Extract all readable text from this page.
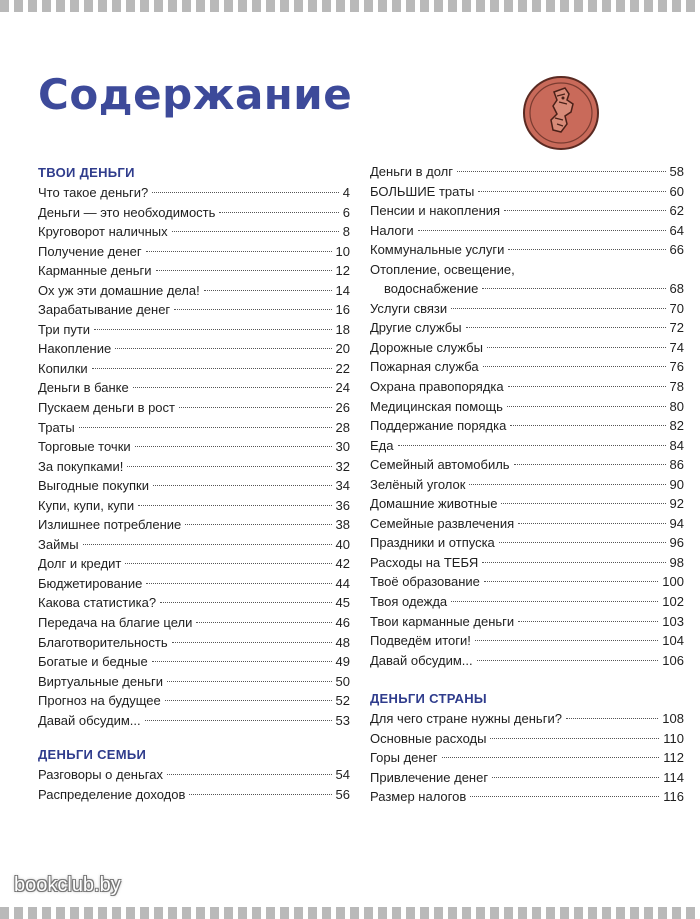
Содержание
ТВОИ ДЕНЬГИ
Что такое деньги?	4
Деньги — это необходимость	6
Круговорот наличных	8
Получение денег	10
Карманные деньги	12
Ох уж эти домашние дела!	14
Зарабатывание денег	16
Три пути	18
Накопление	20
Копилки	22
Деньги в банке	24
Пускаем деньги в рост	26
Траты	28
Торговые точки	30
За покупками!	32
Выгодные покупки	34
Купи, купи, купи	36
Излишнее потребление	38
Займы	40
Долг и кредит	42
Бюджетирование	44
Какова статистика?	45
Передача на благие цели	46
Благотворительность	48
Богатые и бедные	49
Виртуальные деньги	50
Прогноз на будущее	52
Давай обсудим...	53
ДЕНЬГИ СЕМЬИ
Разговоры о деньгах	54
Распределение доходов	56
Деньги в долг	58
БОЛЬШИЕ траты	60
Пенсии и накопления	62
Налоги	64
Коммунальные услуги	66
Отопление, освещение,
водоснабжение	68
Услуги связи	70
Другие службы	72
Дорожные службы	74
Пожарная служба	76
Охрана правопорядка	78
Медицинская помощь	80
Поддержание порядка	82
Еда	84
Семейный автомобиль	86
Зелёный уголок	90
Домашние животные	92
Семейные развлечения	94
Праздники и отпуска	96
Расходы на ТЕБЯ	98
Твоё образование	100
Твоя одежда	102
Твои карманные деньги	103
Подведём итоги!	104
Давай обсудим...	106
ДЕНЬГИ СТРАНЫ
Для чего стране нужны деньги?	108
Основные расходы	110
Горы денег	112
Привлечение денег	114
Размер налогов	116
bookclub.by
